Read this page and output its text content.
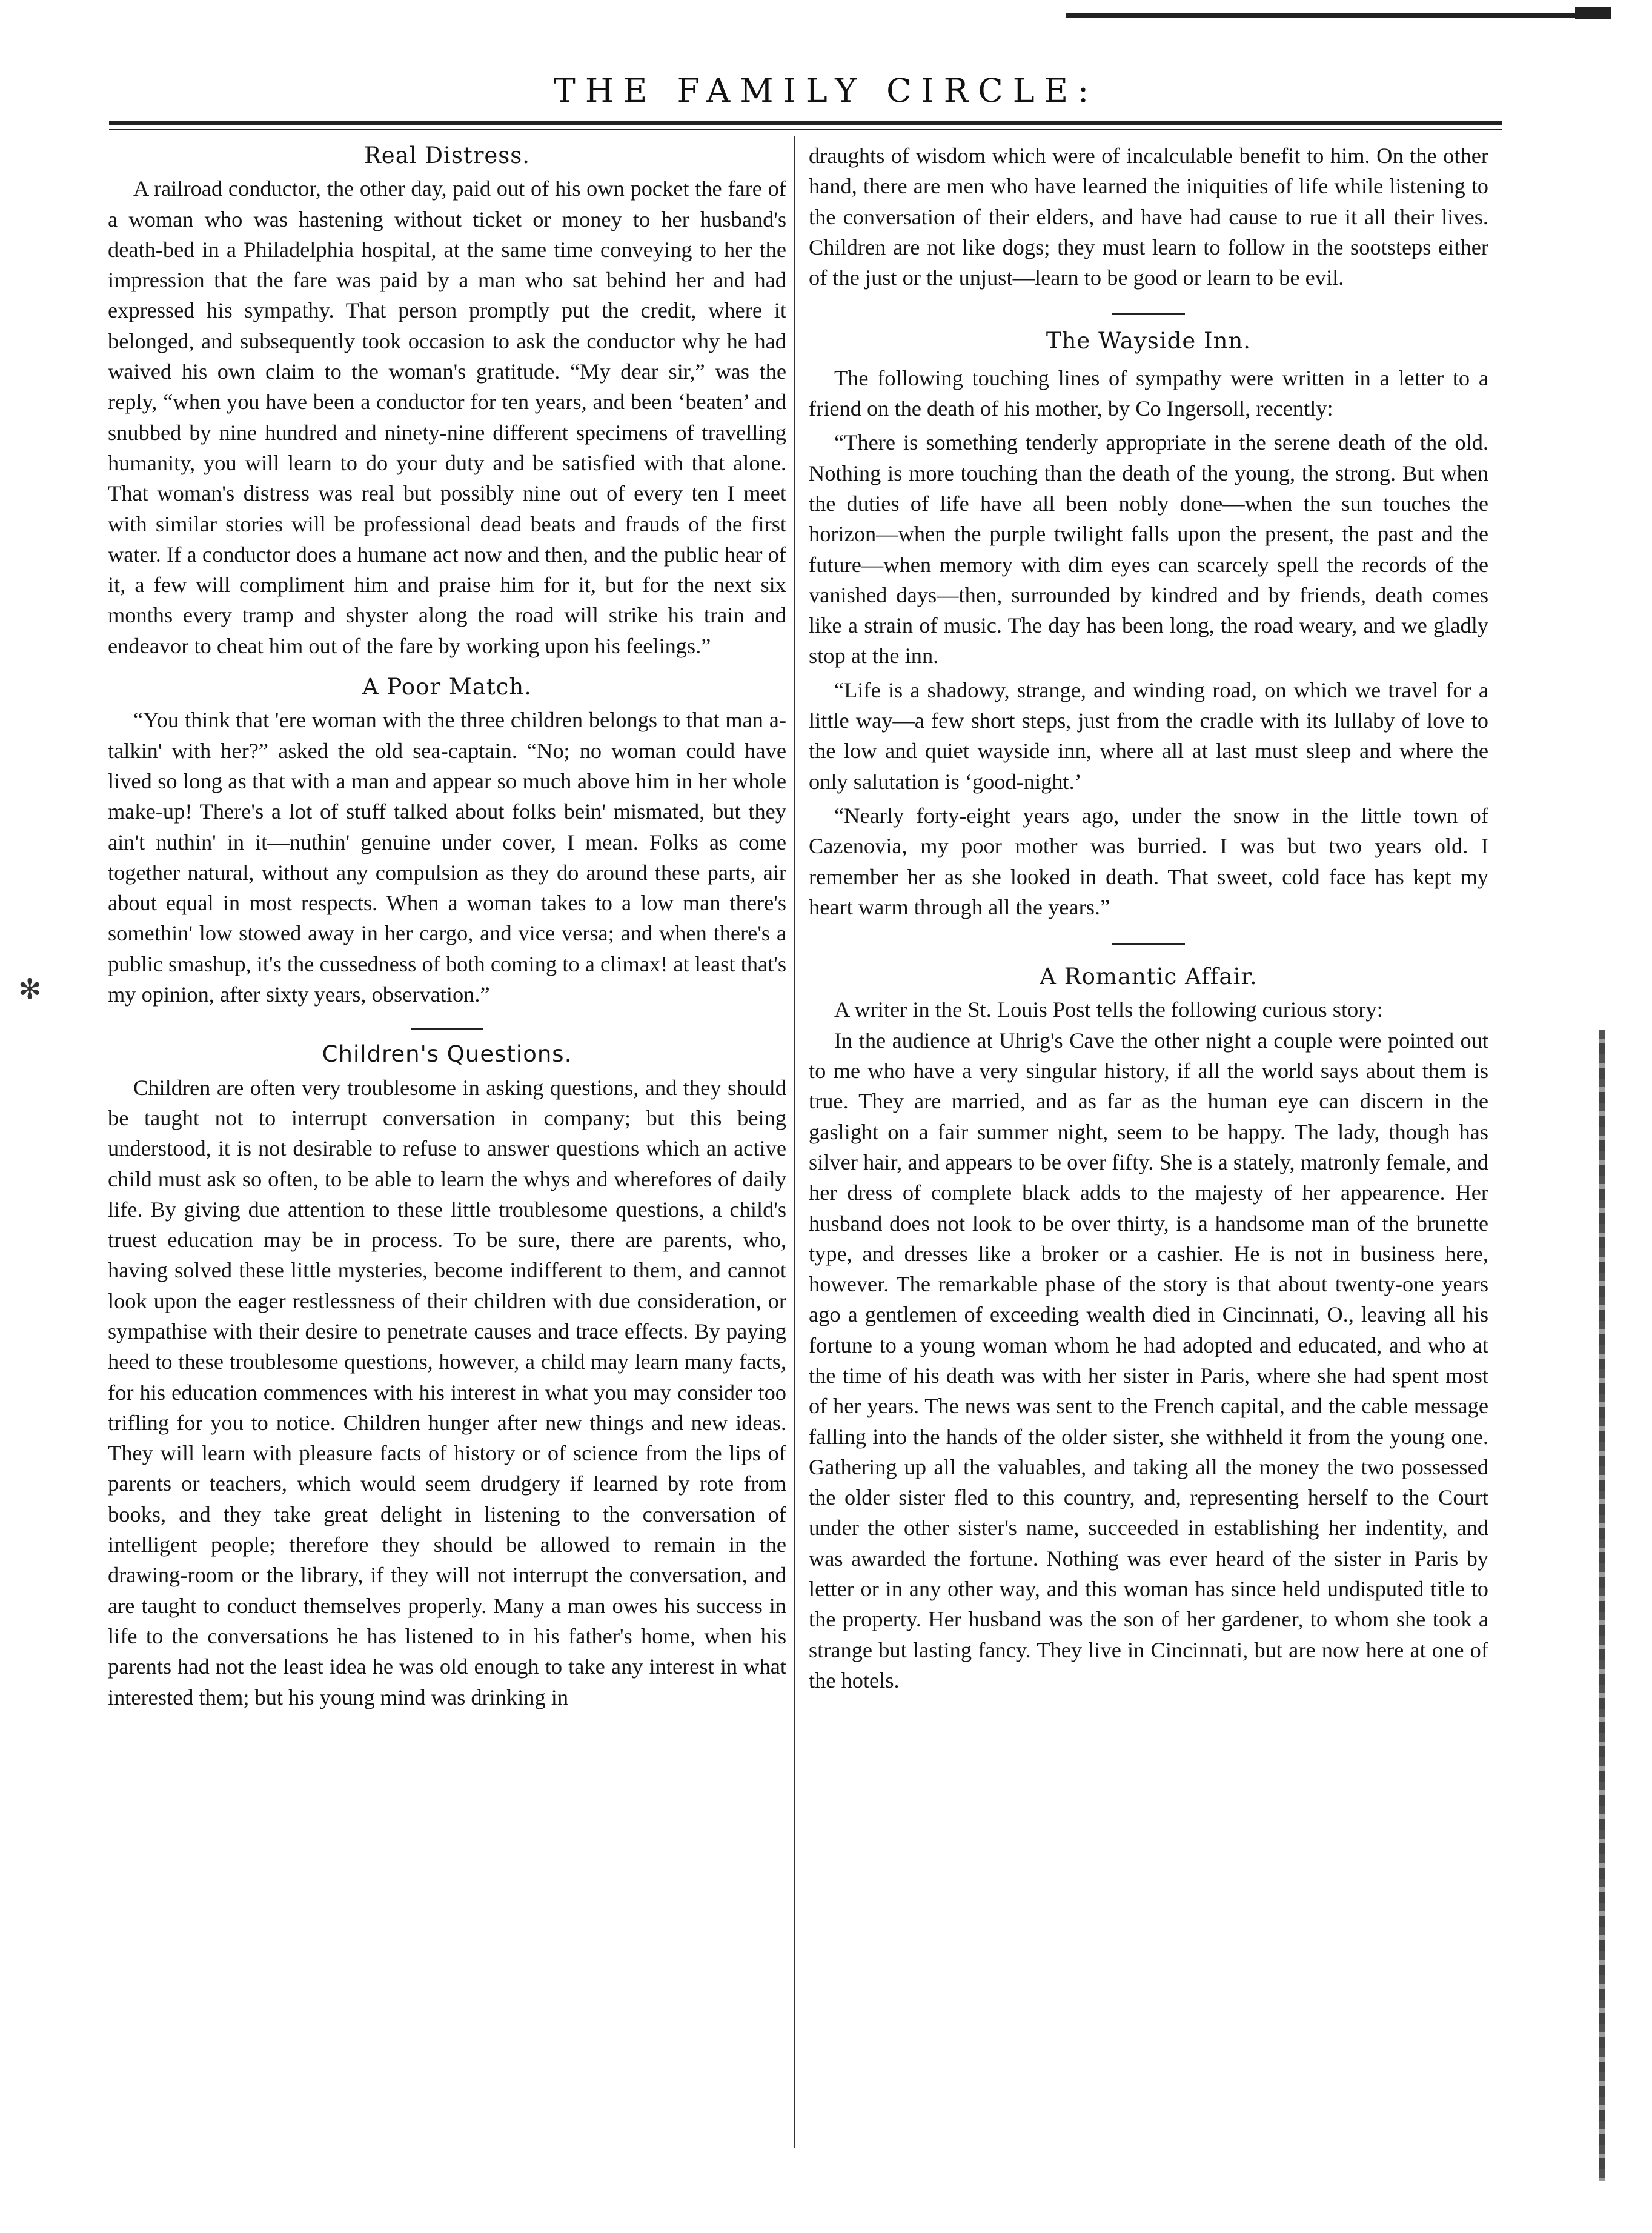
THE FAMILY CIRCLE:
✻
Real Distress.

A railroad conductor, the other day, paid out of his own pocket the fare of a woman who was hastening without ticket or money to her husband's death-bed in a Philadelphia hospital, at the same time conveying to her the impression that the fare was paid by a man who sat behind her and had expressed his sympathy. That person promptly put the credit, where it belonged, and subsequently took occasion to ask the conductor why he had waived his own claim to the woman's gratitude. “My dear sir,” was the reply, “when you have been a conductor for ten years, and been ‘beaten’ and snubbed by nine hundred and ninety-nine different specimens of travelling humanity, you will learn to do your duty and be satisfied with that alone. That woman's distress was real but possibly nine out of every ten I meet with similar stories will be professional dead beats and frauds of the first water. If a conductor does a humane act now and then, and the public hear of it, a few will compliment him and praise him for it, but for the next six months every tramp and shyster along the road will strike his train and endeavor to cheat him out of the fare by working upon his feelings.”

A Poor Match.

“You think that 'ere woman with the three children belongs to that man a-talkin' with her?” asked the old sea-captain. “No; no woman could have lived so long as that with a man and appear so much above him in her whole make-up! There's a lot of stuff talked about folks bein' mismated, but they ain't nuthin' in it—nuthin' genuine under cover, I mean. Folks as come together natural, without any compulsion as they do around these parts, air about equal in most respects. When a woman takes to a low man there's somethin' low stowed away in her cargo, and vice versa; and when there's a public smashup, it's the cussedness of both coming to a climax! at least that's my opinion, after sixty years, observation.”

Children's Questions.

Children are often very troublesome in asking questions, and they should be taught not to interrupt conversation in company; but this being understood, it is not desirable to refuse to answer questions which an active child must ask so often, to be able to learn the whys and wherefores of daily life. By giving due attention to these little troublesome questions, a child's truest education may be in process. To be sure, there are parents, who, having solved these little mysteries, become indifferent to them, and cannot look upon the eager restlessness of their children with due consideration, or sympathise with their desire to penetrate causes and trace effects. By paying heed to these troublesome questions, however, a child may learn many facts, for his education commences with his interest in what you may consider too trifling for you to notice. Children hunger after new things and new ideas. They will learn with pleasure facts of history or of science from the lips of parents or teachers, which would seem drudgery if learned by rote from books, and they take great delight in listening to the conversation of intelligent people; therefore they should be allowed to remain in the drawing-room or the library, if they will not interrupt the conversation, and are taught to conduct themselves properly. Many a man owes his success in life to the conversations he has listened to in his father's home, when his parents had not the least idea he was old enough to take any interest in what interested them; but his young mind was drinking in

draughts of wisdom which were of incalculable benefit to him. On the other hand, there are men who have learned the iniquities of life while listening to the conversation of their elders, and have had cause to rue it all their lives. Children are not like dogs; they must learn to follow in the sootsteps either of the just or the unjust—learn to be good or learn to be evil.

The Wayside Inn.

The following touching lines of sympathy were written in a letter to a friend on the death of his mother, by Co Ingersoll, recently:

“There is something tenderly appropriate in the serene death of the old. Nothing is more touching than the death of the young, the strong. But when the duties of life have all been nobly done—when the sun touches the horizon—when the purple twilight falls upon the present, the past and the future—when memory with dim eyes can scarcely spell the records of the vanished days—then, surrounded by kindred and by friends, death comes like a strain of music. The day has been long, the road weary, and we gladly stop at the inn.

“Life is a shadowy, strange, and winding road, on which we travel for a little way—a few short steps, just from the cradle with its lullaby of love to the low and quiet wayside inn, where all at last must sleep and where the only salutation is ‘good-night.’

“Nearly forty-eight years ago, under the snow in the little town of Cazenovia, my poor mother was burried. I was but two years old. I remember her as she looked in death. That sweet, cold face has kept my heart warm through all the years.”

A Romantic Affair.

A writer in the St. Louis Post tells the following curious story:

In the audience at Uhrig's Cave the other night a couple were pointed out to me who have a very singular history, if all the world says about them is true. They are married, and as far as the human eye can discern in the gaslight on a fair summer night, seem to be happy. The lady, though has silver hair, and appears to be over fifty. She is a stately, matronly female, and her dress of complete black adds to the majesty of her appearence. Her husband does not look to be over thirty, is a handsome man of the brunette type, and dresses like a broker or a cashier. He is not in business here, however. The remarkable phase of the story is that about twenty-one years ago a gentlemen of exceeding wealth died in Cincinnati, O., leaving all his fortune to a young woman whom he had adopted and educated, and who at the time of his death was with her sister in Paris, where she had spent most of her years. The news was sent to the French capital, and the cable message falling into the hands of the older sister, she withheld it from the young one. Gathering up all the valuables, and taking all the money the two possessed the older sister fled to this country, and, representing herself to the Court under the other sister's name, succeeded in establishing her indentity, and was awarded the fortune. Nothing was ever heard of the sister in Paris by letter or in any other way, and this woman has since held undisputed title to the property. Her husband was the son of her gardener, to whom she took a strange but lasting fancy. They live in Cincinnati, but are now here at one of the hotels.
